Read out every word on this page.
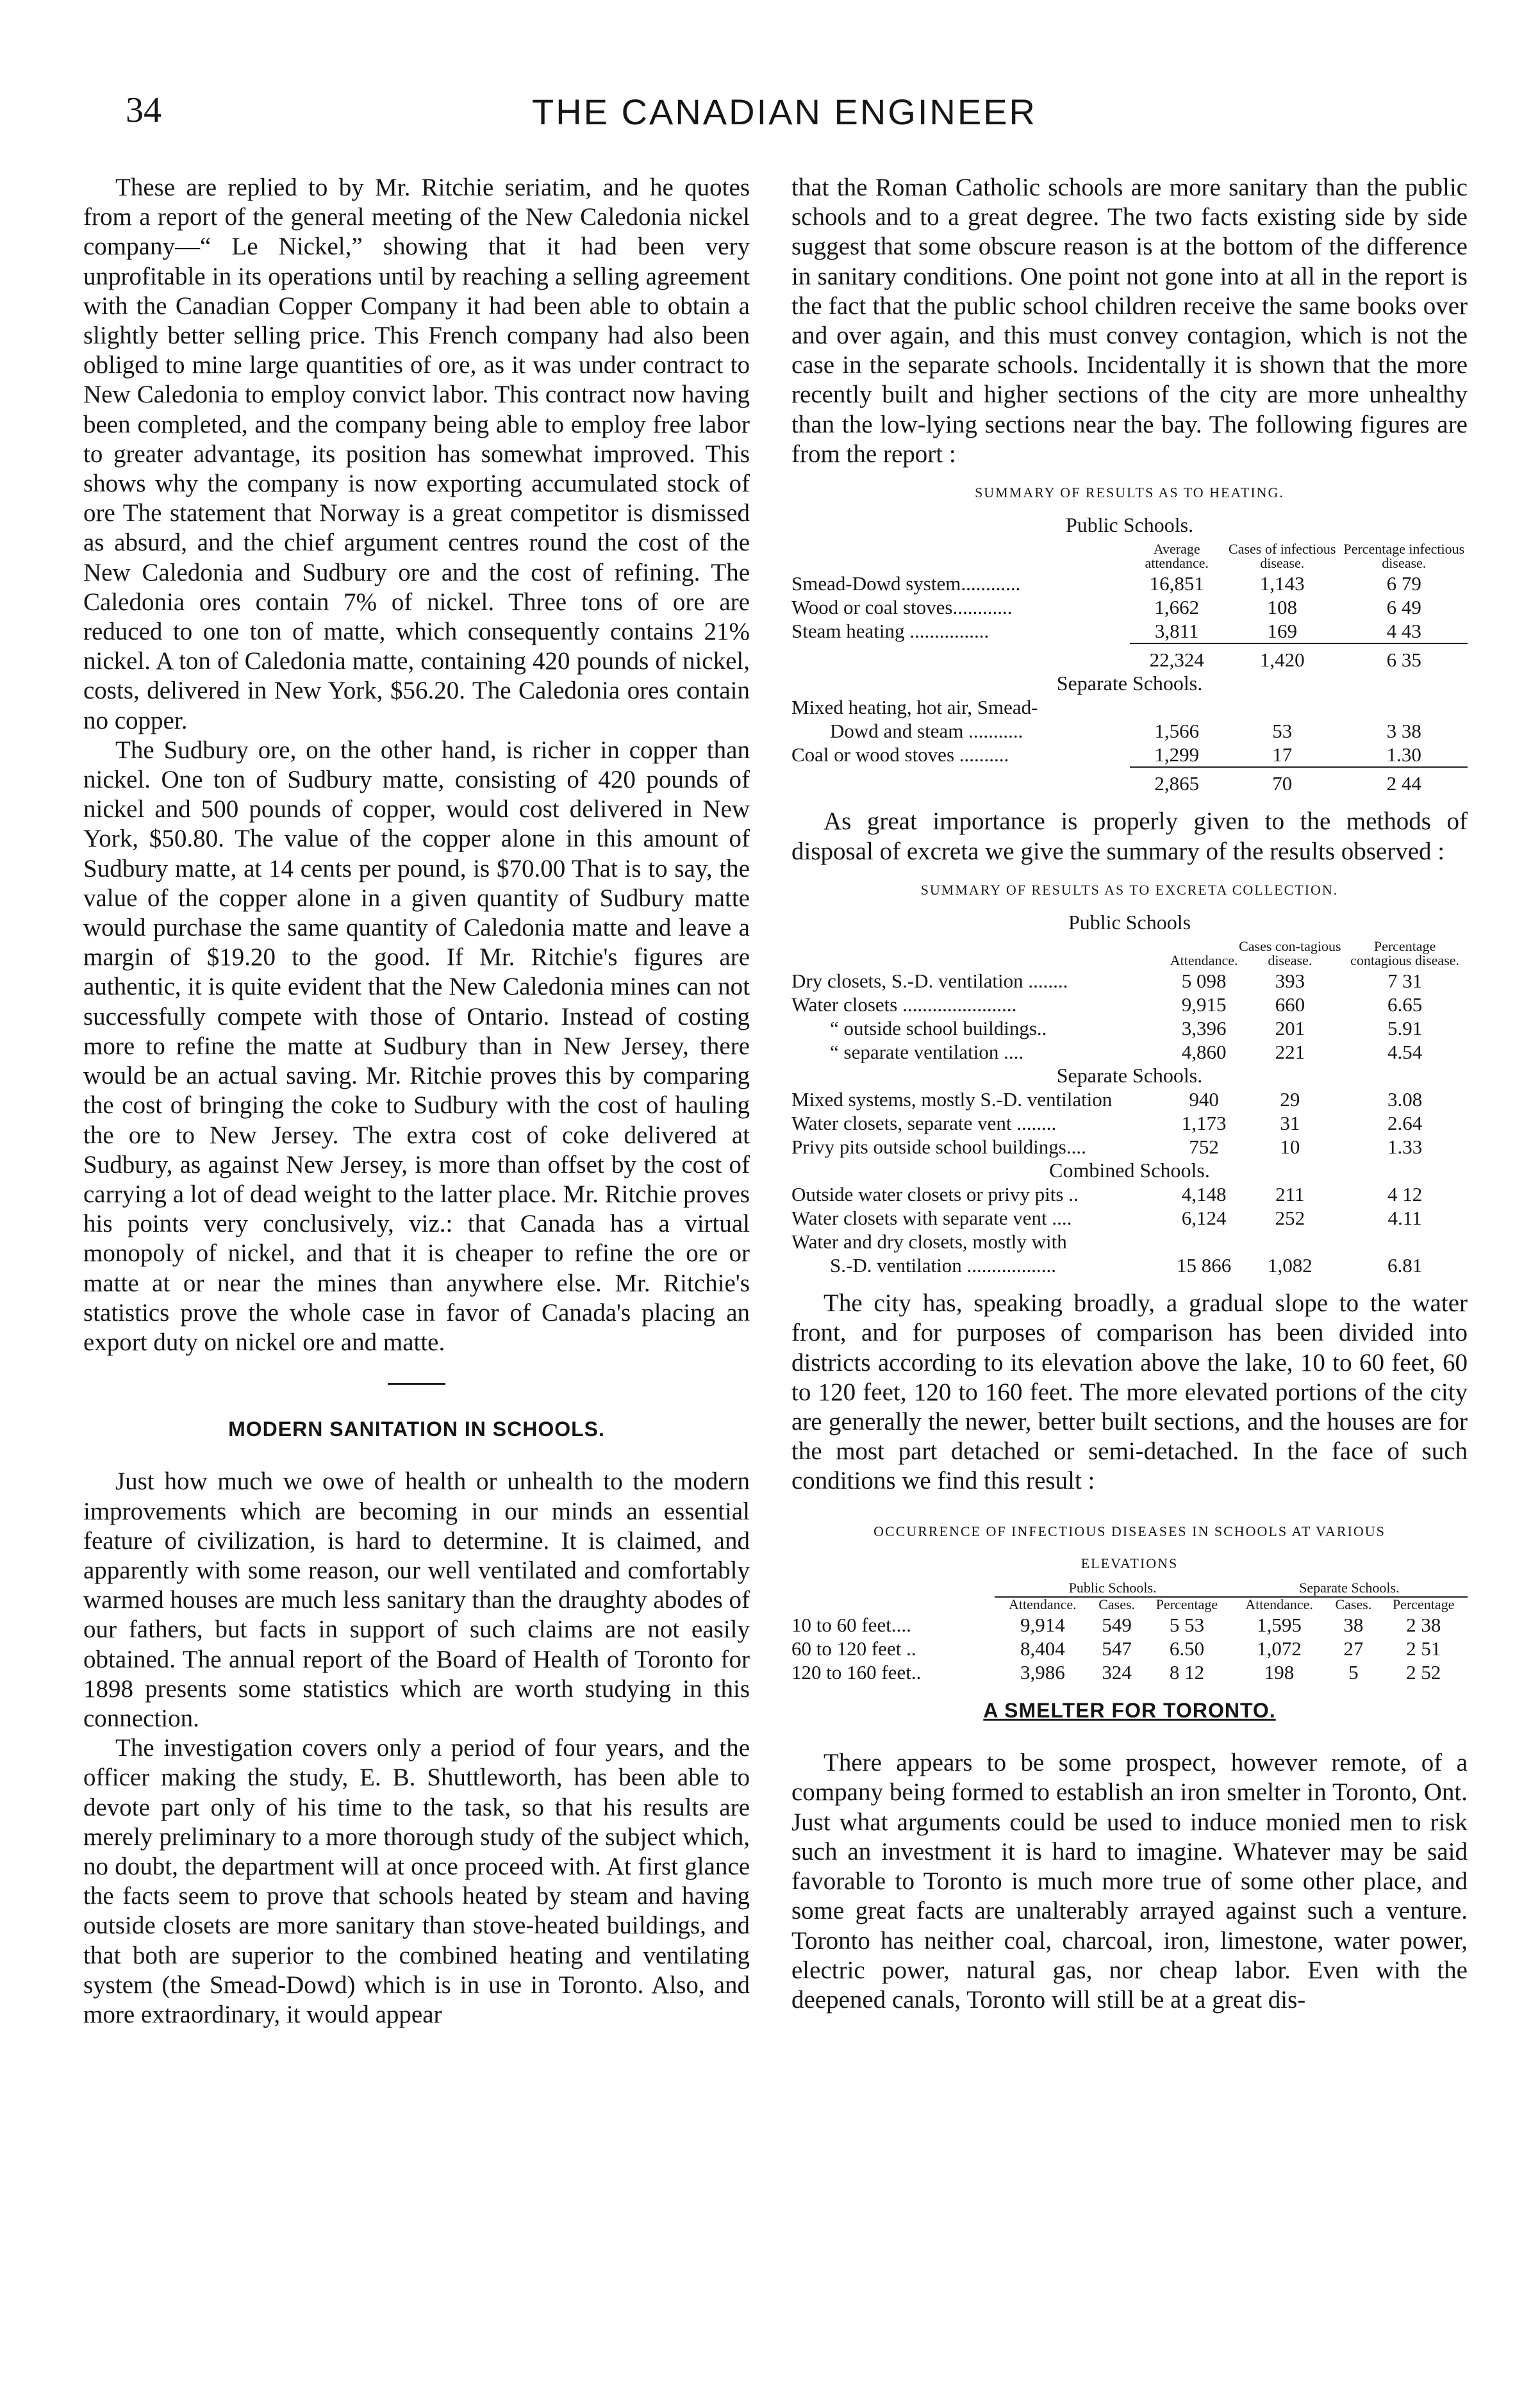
34	THE CANADIAN ENGINEER

These are replied to by Mr. Ritchie seriatim, and he quotes from a report of the general meeting of the New Caledonia nickel company—“ Le Nickel,” showing that it had been very unprofitable in its operations until by reaching a selling agreement with the Canadian Copper Company it had been able to obtain a slightly better selling price. This French company had also been obliged to mine large quantities of ore, as it was under contract to New Caledonia to employ convict labor. This contract now having been completed, and the company being able to employ free labor to greater advantage, its position has somewhat improved. This shows why the company is now exporting accumulated stock of ore The statement that Norway is a great competitor is dismissed as absurd, and the chief argument centres round the cost of the New Caledonia and Sudbury ore and the cost of refining. The Caledonia ores contain 7% of nickel. Three tons of ore are reduced to one ton of matte, which consequently contains 21% nickel. A ton of Caledonia matte, containing 420 pounds of nickel, costs, delivered in New York, $56.20. The Caledonia ores contain no copper.

The Sudbury ore, on the other hand, is richer in copper than nickel. One ton of Sudbury matte, consisting of 420 pounds of nickel and 500 pounds of copper, would cost delivered in New York, $50.80. The value of the copper alone in this amount of Sudbury matte, at 14 cents per pound, is $70.00 That is to say, the value of the copper alone in a given quantity of Sudbury matte would purchase the same quantity of Caledonia matte and leave a margin of $19.20 to the good. If Mr. Ritchie's figures are authentic, it is quite evident that the New Caledonia mines can not successfully compete with those of Ontario. Instead of costing more to refine the matte at Sudbury than in New Jersey, there would be an actual saving. Mr. Ritchie proves this by comparing the cost of bringing the coke to Sudbury with the cost of hauling the ore to New Jersey. The extra cost of coke delivered at Sudbury, as against New Jersey, is more than offset by the cost of carrying a lot of dead weight to the latter place. Mr. Ritchie proves his points very conclusively, viz.: that Canada has a virtual monopoly of nickel, and that it is cheaper to refine the ore or matte at or near the mines than anywhere else. Mr. Ritchie's statistics prove the whole case in favor of Canada's placing an export duty on nickel ore and matte.

MODERN SANITATION IN SCHOOLS.

Just how much we owe of health or unhealth to the modern improvements which are becoming in our minds an essential feature of civilization, is hard to determine. It is claimed, and apparently with some reason, our well ventilated and comfortably warmed houses are much less sanitary than the draughty abodes of our fathers, but facts in support of such claims are not easily obtained. The annual report of the Board of Health of Toronto for 1898 presents some statistics which are worth studying in this connection.

The investigation covers only a period of four years, and the officer making the study, E. B. Shuttleworth, has been able to devote part only of his time to the task, so that his results are merely preliminary to a more thorough study of the subject which, no doubt, the department will at once proceed with. At first glance the facts seem to prove that schools heated by steam and having outside closets are more sanitary than stove-heated buildings, and that both are superior to the combined heating and ventilating system (the Smead-Dowd) which is in use in Toronto. Also, and more extraordinary, it would appear

that the Roman Catholic schools are more sanitary than the public schools and to a great degree. The two facts existing side by side suggest that some obscure reason is at the bottom of the difference in sanitary conditions. One point not gone into at all in the report is the fact that the public school children receive the same books over and over again, and this must convey contagion, which is not the case in the separate schools. Incidentally it is shown that the more recently built and higher sections of the city are more unhealthy than the low-lying sections near the bay. The following figures are from the report :

SUMMARY OF RESULTS AS TO HEATING.
Public Schools.
	Average attendance.	Cases of infectious disease.	Percentage infectious disease.
Smead-Dowd system............	16,851	1,143	6 79
Wood or coal stoves............	1,662	108	6 49
Steam heating ................	3,811	169	4 43
	22,324	1,420	6 35
Separate Schools.			
Mixed heating, hot air, Smead-			
Dowd and steam ...........	1,566	53	3 38
Coal or wood stoves ..........	1,299	17	1.30
	2,865	70	2 44

As great importance is properly given to the methods of disposal of excreta we give the summary of the results observed :

SUMMARY OF RESULTS AS TO EXCRETA COLLECTION.
Public Schools
	Attendance.	Cases con-tagious disease.	Percentage contagious disease.
Dry closets, S.-D. ventilation ........	5 098	393	7 31
Water closets .......................	9,915	660	6.65
“ outside school buildings..	3,396	201	5.91
“ separate ventilation ....	4,860	221	4.54
Separate Schools.			
Mixed systems, mostly S.-D. ventilation	940	29	3.08
Water closets, separate vent ........	1,173	31	2.64
Privy pits outside school buildings....	752	10	1.33
Combined Schools.			
Outside water closets or privy pits ..	4,148	211	4 12
Water closets with separate vent ....	6,124	252	4.11
Water and dry closets, mostly with			
S.-D. ventilation ..................	15 866	1,082	6.81

The city has, speaking broadly, a gradual slope to the water front, and for purposes of comparison has been divided into districts according to its elevation above the lake, 10 to 60 feet, 60 to 120 feet, 120 to 160 feet. The more elevated portions of the city are generally the newer, better built sections, and the houses are for the most part detached or semi-detached. In the face of such conditions we find this result :

OCCURRENCE OF INFECTIOUS DISEASES IN SCHOOLS AT VARIOUS
ELEVATIONS
	Public Schools.			Separate Schools.		
	Attendance.	Cases.	Percentage	Attendance.	Cases.	Percentage
10 to 60 feet....	9,914	549	5 53	1,595	38	2 38
60 to 120 feet ..	8,404	547	6.50	1,072	27	2 51
120 to 160 feet..	3,986	324	8 12	198	5	2 52
A SMELTER FOR TORONTO.

There appears to be some prospect, however remote, of a company being formed to establish an iron smelter in Toronto, Ont. Just what arguments could be used to induce monied men to risk such an investment it is hard to imagine. Whatever may be said favorable to Toronto is much more true of some other place, and some great facts are unalterably arrayed against such a venture. Toronto has neither coal, charcoal, iron, limestone, water power, electric power, natural gas, nor cheap labor. Even with the deepened canals, Toronto will still be at a great dis-
